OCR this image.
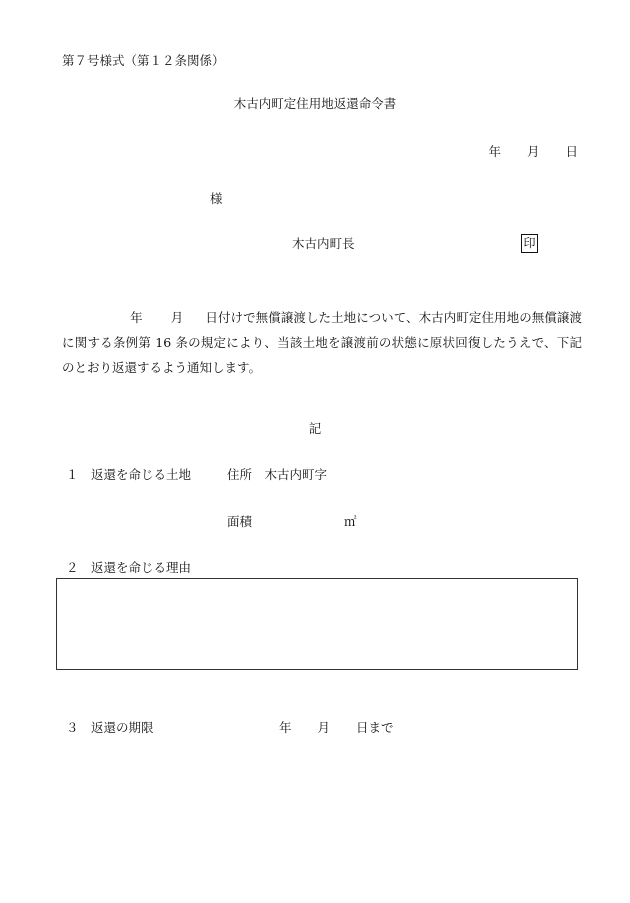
第７号様式（第１２条関係）
木古内町定住用地返還命令書
年 月 日
様
木古内町長	印
年 月 日付けで無償譲渡した土地について、木古内町定住用地の無償譲渡に関する条例第 16 条の規定により、当該土地を譲渡前の状態に原状回復したうえで、下記のとおり返還するよう通知します。
記
１　返還を命じる土地	住所　木古内町字
面積	㎡
２　返還を命じる理由
３　返還の期限	年 月 日まで
